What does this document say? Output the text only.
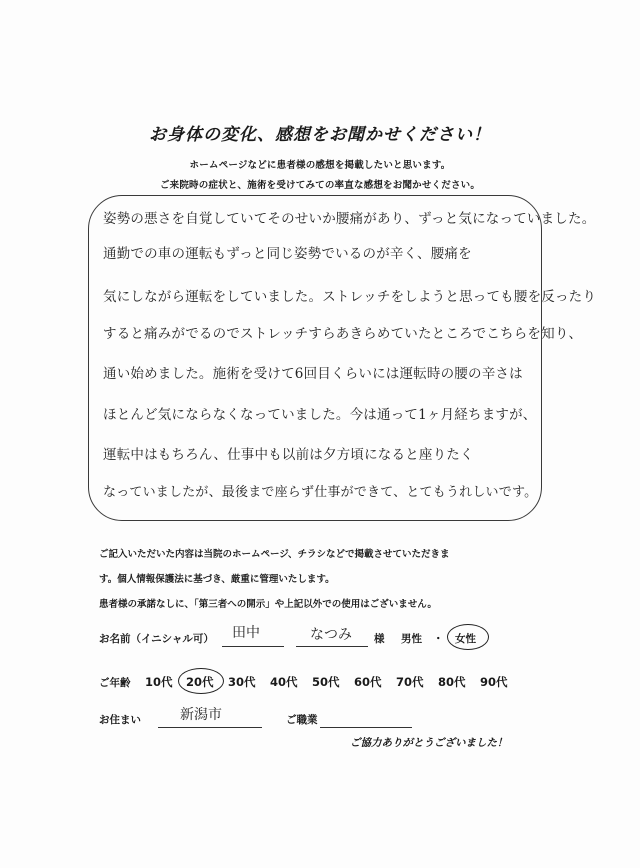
お身体の変化、感想をお聞かせください！
ホームページなどに患者様の感想を掲載したいと思います。
ご来院時の症状と、施術を受けてみての率直な感想をお聞かせください。
姿勢の悪さを自覚していてそのせいか腰痛があり、ずっと気になっていました。
通勤での車の運転もずっと同じ姿勢でいるのが辛く、腰痛を
気にしながら運転をしていました。ストレッチをしようと思っても腰を反ったり
すると痛みがでるのでストレッチすらあきらめていたところでこちらを知り、
通い始めました。施術を受けて6回目くらいには運転時の腰の辛さは
ほとんど気にならなくなっていました。今は通って1ヶ月経ちますが、
運転中はもちろん、仕事中も以前は夕方頃になると座りたく
なっていましたが、最後まで座らず仕事ができて、とてもうれしいです。
ご記入いただいた内容は当院のホームページ、チラシなどで掲載させていただきま
す。個人情報保護法に基づき、厳重に管理いたします。
患者様の承諾なしに、「第三者への開示」や上記以外での使用はございません。
お名前（イニシャル可） 田中	なつみ 様 男性 ・ 女性
ご年齢 10代 20代 30代 40代 50代 60代 70代 80代 90代
お住まい	新潟市	ご職業
ご協力ありがとうございました！
